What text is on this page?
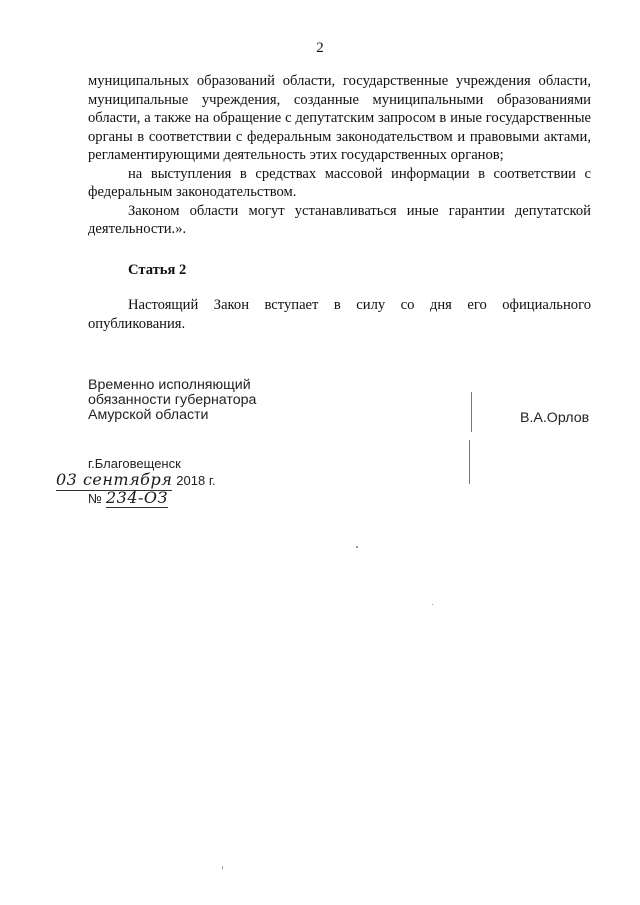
2

муниципальных образований области, государственные учреждения области, муниципальные учреждения, созданные муниципальными образованиями области, а также на обращение с депутатским запросом в иные государственные органы в соответствии с федеральным законодательством и правовыми актами, регламентирующими деятельность этих государственных органов;

на выступления в средствах массовой информации в соответствии с федеральным законодательством.

Законом области могут устанавливаться иные гарантии депутатской деятельности.».

Статья 2

Настоящий Закон вступает в силу со дня его официального опубликования.

Временно исполняющий
обязанности губернатора
Амурской области	В.А.Орлов
г.Благовещенск
03 сентября 2018 г.
№ 234-ОЗ
